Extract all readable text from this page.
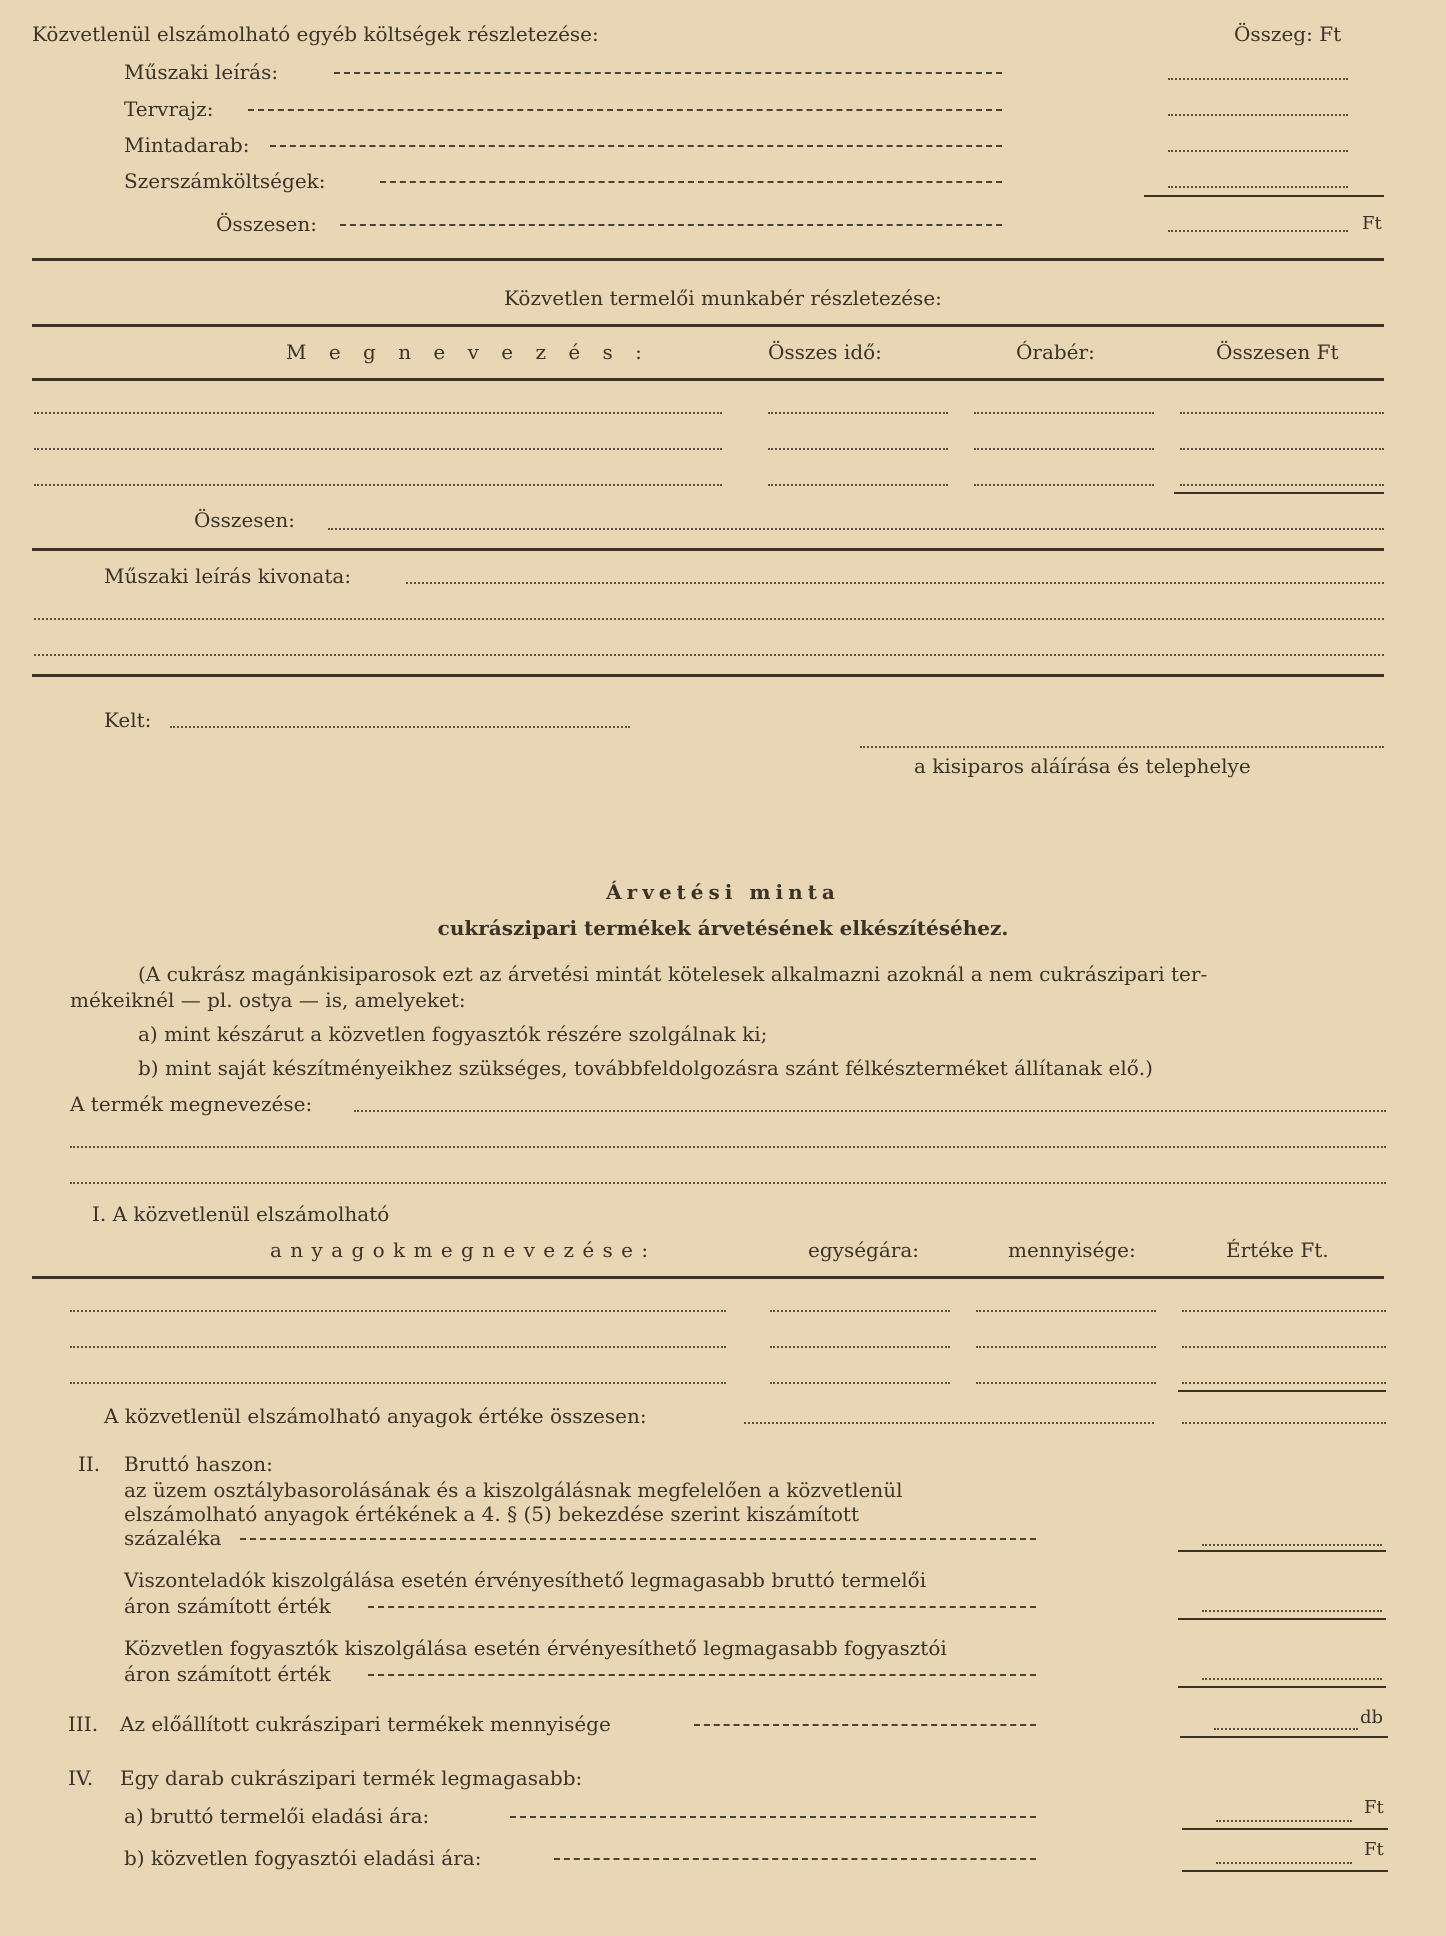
Közvetlenül elszámolható egyéb költségek részletezése:	Összeg: Ft
Műszaki leírás:
Tervrajz:
Mintadarab:
Szerszámköltségek:
Összesen:	Ft
Közvetlen termelői munkabér részletezése:
M e g n e v e z é s :	Összes idő:	Órabér:	Összesen Ft
Összesen:
Műszaki leírás kivonata:
Kelt:
a kisiparos aláírása és telephelye
Árvetési minta
cukrászipari termékek árvetésének elkészítéséhez.
(A cukrász magánkisiparosok ezt az árvetési mintát kötelesek alkalmazni azoknál a nem cukrászipari ter-
mékeiknél — pl. ostya — is, amelyeket:
a) mint készárut a közvetlen fogyasztók részére szolgálnak ki;
b) mint saját készítményeikhez szükséges, továbbfeldolgozásra szánt félkészterméket állítanak elő.)
A termék megnevezése:
I. A közvetlenül elszámolható
a n y a g o k m e g n e v e z é s e :	egységára:	mennyisége:	Értéke Ft.
A közvetlenül elszámolható anyagok értéke összesen:
II. Bruttó haszon:
az üzem osztálybasorolásának és a kiszolgálásnak megfelelően a közvetlenül
elszámolható anyagok értékének a 4. § (5) bekezdése szerint kiszámított
százaléka
Viszonteladók kiszolgálása esetén érvényesíthető legmagasabb bruttó termelői
áron számított érték
Közvetlen fogyasztók kiszolgálása esetén érvényesíthető legmagasabb fogyasztói
áron számított érték
III. Az előállított cukrászipari termékek mennyisége	db
IV. Egy darab cukrászipari termék legmagasabb:
a) bruttó termelői eladási ára:	Ft
b) közvetlen fogyasztói eladási ára:	Ft
